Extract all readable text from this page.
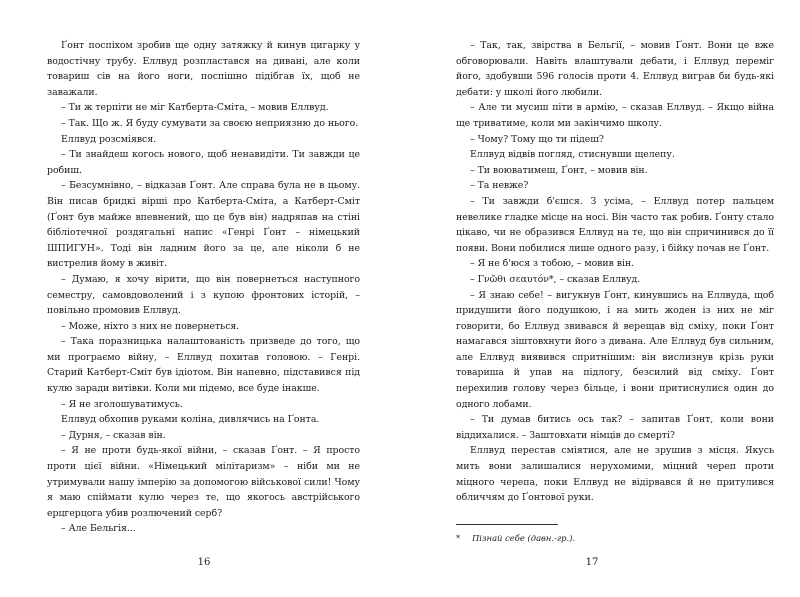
Ґонт поспіхом зробив ще одну затяжку й кинув цигарку у водостічну трубу. Еллвуд розпластався на дивані, але коли товариш сів на його ноги, поспішно підібгав їх, щоб не заважали.

– Ти ж терпіти не міг Катберта-Сміта, – мовив Еллвуд.

– Так. Що ж. Я буду сумувати за своєю неприязню до нього.

Еллвуд розсміявся.

– Ти знайдеш когось нового, щоб ненавидіти. Ти завжди це робиш.

– Безсумнівно, – відказав Ґонт. Але справа була не в цьому. Він писав бридкі вірші про Катберта-Сміта, а Катберт-Сміт (Ґонт був майже впевнений, що це був він) надряпав на стіні бібліотечної роздягальні напис «Генрі Ґонт – німецький ШПИГУН». Тоді він ладним його за це, але ніколи б не вистрелив йому в живіт.

– Думаю, я хочу вірити, що він повернеться наступного семестру, самовдоволений і з купою фронтових історій, – повільно промовив Еллвуд.

– Може, ніхто з них не повернеться.

– Така поразницька налаштованість призведе до того, що ми програємо війну, – Еллвуд похитав головою. – Генрі. Старий Катберт-Сміт був ідіотом. Він напевно, підставився під кулю заради витівки. Коли ми підемо, все буде інакше.

– Я не зголошуватимусь.

Еллвуд обхопив руками коліна, дивлячись на Ґонта.

– Дурня, – сказав він.

– Я не проти будь-якої війни, – сказав Ґонт. – Я просто проти цієї війни. «Німецький мілітаризм» – ніби ми не утримували нашу імперію за допомогою військової сили! Чому я маю спіймати кулю через те, що якогось австрійського ерцгерцога убив розлючений серб?

– Але Бельгія...

– Так, так, звірства в Бельгії, – мовив Ґонт. Вони це вже обговорювали. Навіть влаштували дебати, і Еллвуд переміг його, здобувши 596 голосів проти 4. Еллвуд виграв би будь-які дебати: у школі його любили.

– Але ти мусиш піти в армію, – сказав Еллвуд. – Якщо війна ще триватиме, коли ми закінчимо школу.

– Чому? Тому що ти підеш?

Еллвуд відвів погляд, стиснувши щелепу.

– Ти воюватимеш, Ґонт, – мовив він.

– Та невже?

– Ти завжди б'єшся. З усіма, – Еллвуд потер пальцем невелике гладке місце на носі. Він часто так робив. Ґонту стало цікаво, чи не образився Еллвуд на те, що він спричинився до її появи. Вони побилися лише одного разу, і бійку почав не Ґонт.

– Я не б'юся з тобою, – мовив він.

– Γνῶθι σεαυτόν*, – сказав Еллвуд.

– Я знаю себе! – вигукнув Ґонт, кинувшись на Еллвуда, щоб придушити його подушкою, і на мить жоден із них не міг говорити, бо Еллвуд звивався й верещав від сміху, поки Ґонт намагався зіштовхнути його з дивана. Але Еллвуд був сильним, але Еллвуд виявився спритнішим: він вислизнув крізь руки товариша й упав на підлогу, безсилий від сміху. Ґонт перехилив голову через більце, і вони притиснулися один до одного лобами.

– Ти думав битись ось так? – запитав Ґонт, коли вони віддихалися. – Заштовхати німців до смерті?

Еллвуд перестав сміятися, але не зрушив з місця. Якусь мить вони залишалися нерухомими, міцний череп проти міцного черепа, поки Еллвуд не відірвався й не притулився обличчям до Ґонтової руки.

* Пізнай себе (давн.-гр.).
16	17
